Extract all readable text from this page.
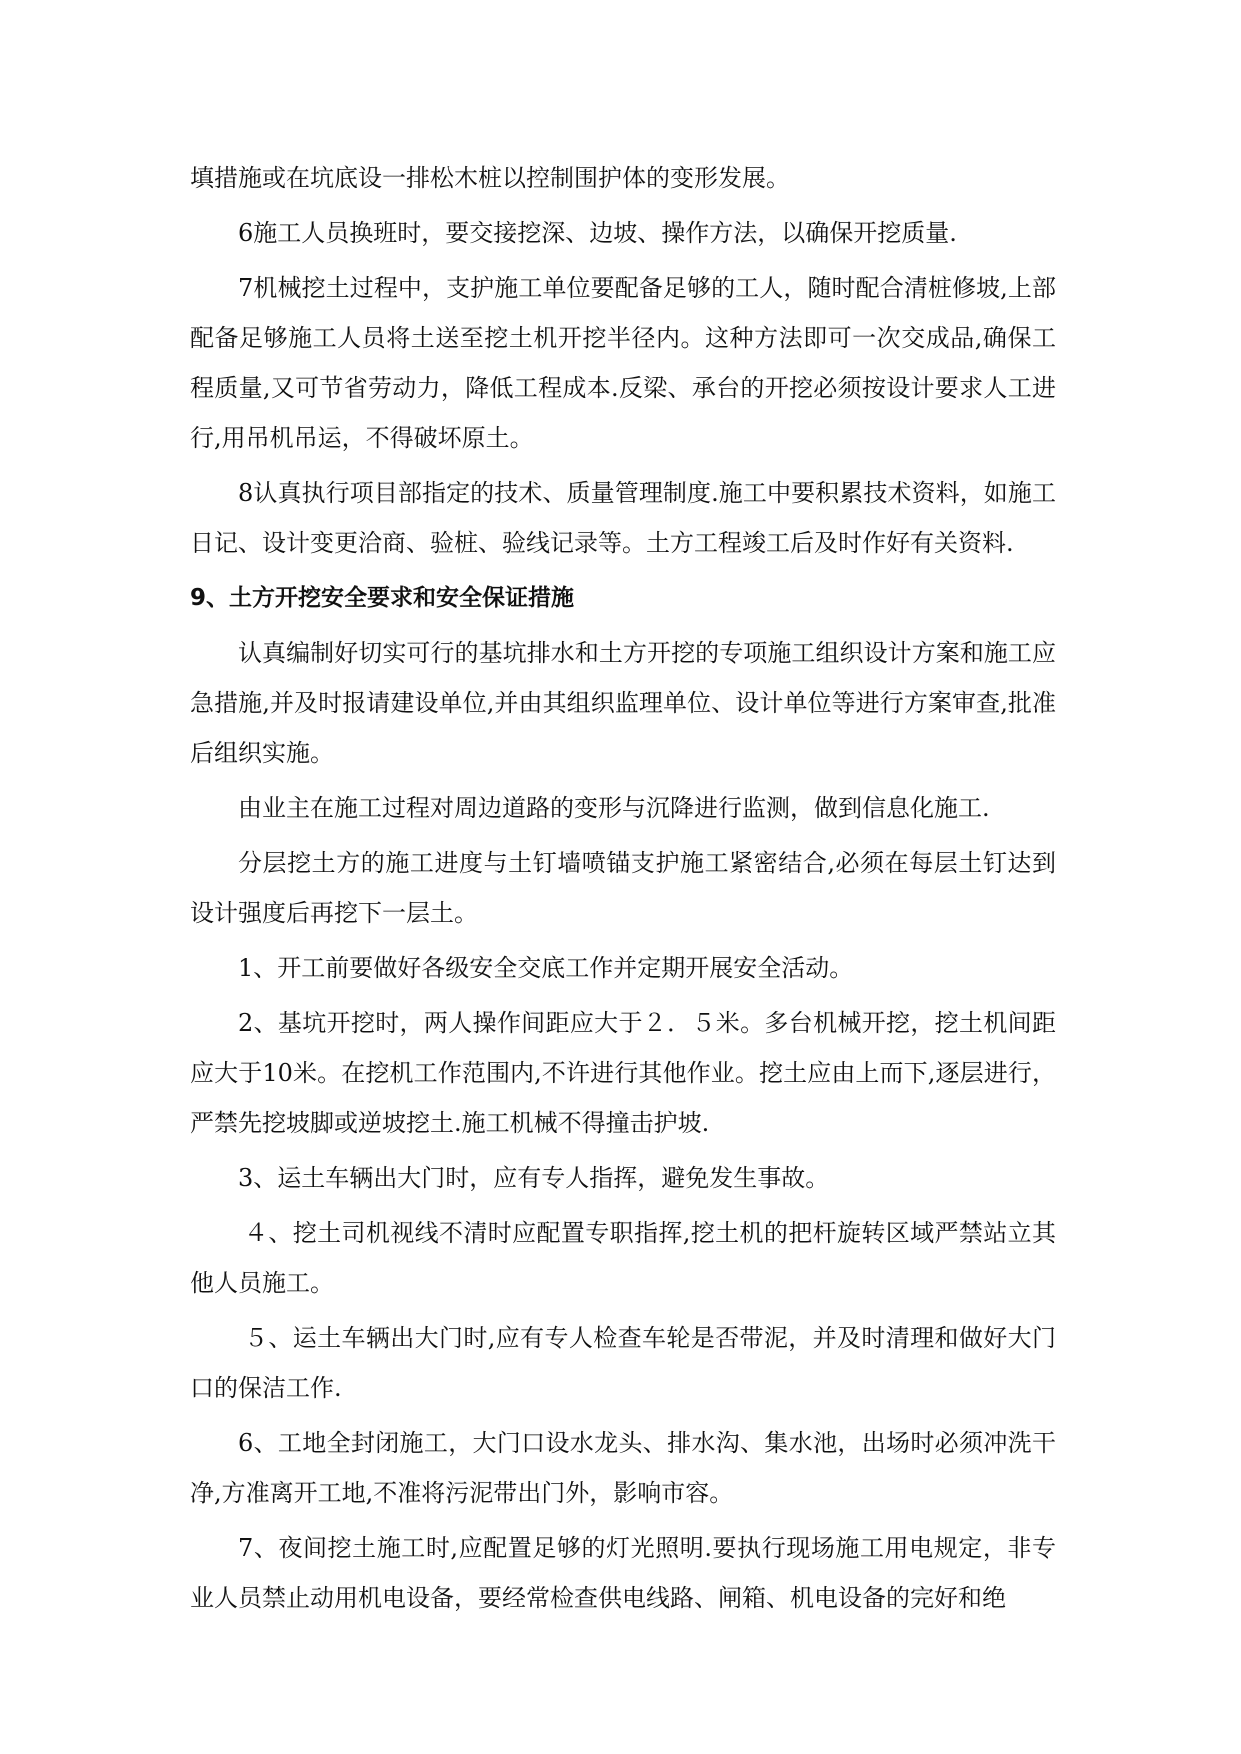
填措施或在坑底设一排松木桩以控制围护体的变形发展。

6施工人员换班时，要交接挖深、边坡、操作方法，以确保开挖质量.

7机械挖土过程中，支护施工单位要配备足够的工人，随时配合清桩修坡,上部配备足够施工人员将土送至挖土机开挖半径内。这种方法即可一次交成品,确保工程质量,又可节省劳动力，降低工程成本.反梁、承台的开挖必须按设计要求人工进行,用吊机吊运，不得破坏原土。

8认真执行项目部指定的技术、质量管理制度.施工中要积累技术资料，如施工日记、设计变更洽商、验桩、验线记录等。土方工程竣工后及时作好有关资料.

9、土方开挖安全要求和安全保证措施

认真编制好切实可行的基坑排水和土方开挖的专项施工组织设计方案和施工应急措施,并及时报请建设单位,并由其组织监理单位、设计单位等进行方案审查,批准后组织实施。

由业主在施工过程对周边道路的变形与沉降进行监测，做到信息化施工.

分层挖土方的施工进度与土钉墙喷锚支护施工紧密结合,必须在每层土钉达到设计强度后再挖下一层土。

1、开工前要做好各级安全交底工作并定期开展安全活动。

2、基坑开挖时，两人操作间距应大于２．５米。多台机械开挖，挖土机间距应大于10米。在挖机工作范围内,不许进行其他作业。挖土应由上而下,逐层进行，严禁先挖坡脚或逆坡挖土.施工机械不得撞击护坡.

3、运土车辆出大门时，应有专人指挥，避免发生事故。

４、挖土司机视线不清时应配置专职指挥,挖土机的把杆旋转区域严禁站立其他人员施工。

５、运土车辆出大门时,应有专人检查车轮是否带泥，并及时清理和做好大门口的保洁工作.

6、工地全封闭施工，大门口设水龙头、排水沟、集水池，出场时必须冲洗干净,方准离开工地,不准将污泥带出门外，影响市容。

7、夜间挖土施工时,应配置足够的灯光照明.要执行现场施工用电规定，非专业人员禁止动用机电设备，要经常检查供电线路、闸箱、机电设备的完好和绝
